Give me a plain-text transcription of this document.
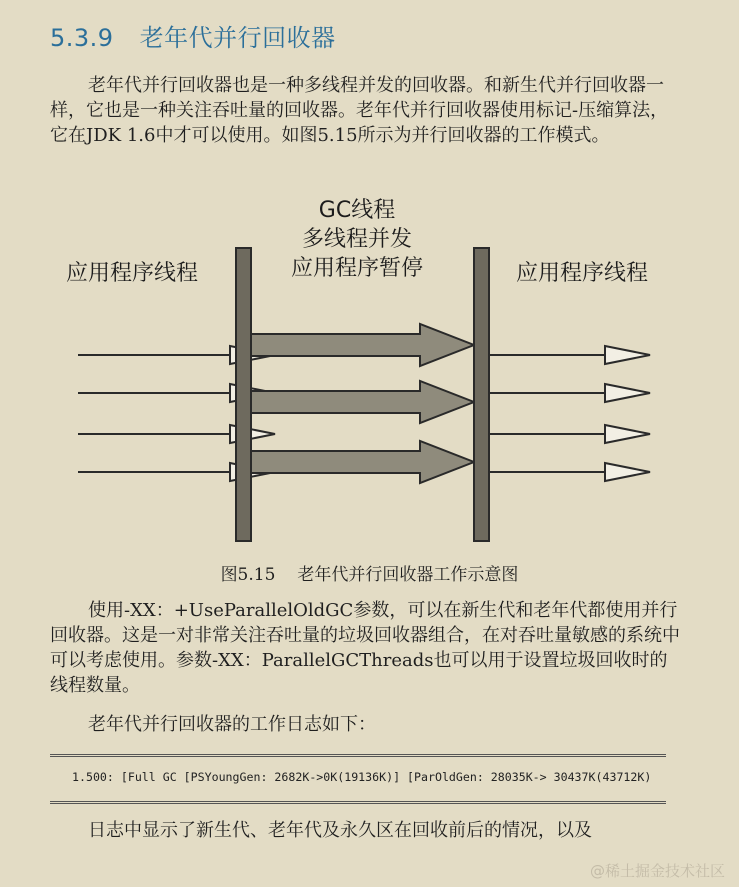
5.3.9 老年代并行回收器
老年代并行回收器也是一种多线程并发的回收器。和新生代并行回收器一样，它也是一种关注吞吐量的回收器。老年代并行回收器使用标记-压缩算法，它在JDK 1.6中才可以使用。如图5.15所示为并行回收器的工作模式。
应用程序线程
GC线程
多线程并发
应用程序暂停	应用程序线程
图5.15 老年代并行回收器工作示意图
使用-XX：+UseParallelOldGC参数，可以在新生代和老年代都使用并行回收器。这是一对非常关注吞吐量的垃圾回收器组合，在对吞吐量敏感的系统中可以考虑使用。参数-XX：ParallelGCThreads也可以用于设置垃圾回收时的线程数量。
老年代并行回收器的工作日志如下：
1.500: [Full GC [PSYoungGen: 2682K->0K(19136K)] [ParOldGen: 28035K-> 30437K(43712K)
日志中显示了新生代、老年代及永久区在回收前后的情况，以及
@稀土掘金技术社区
